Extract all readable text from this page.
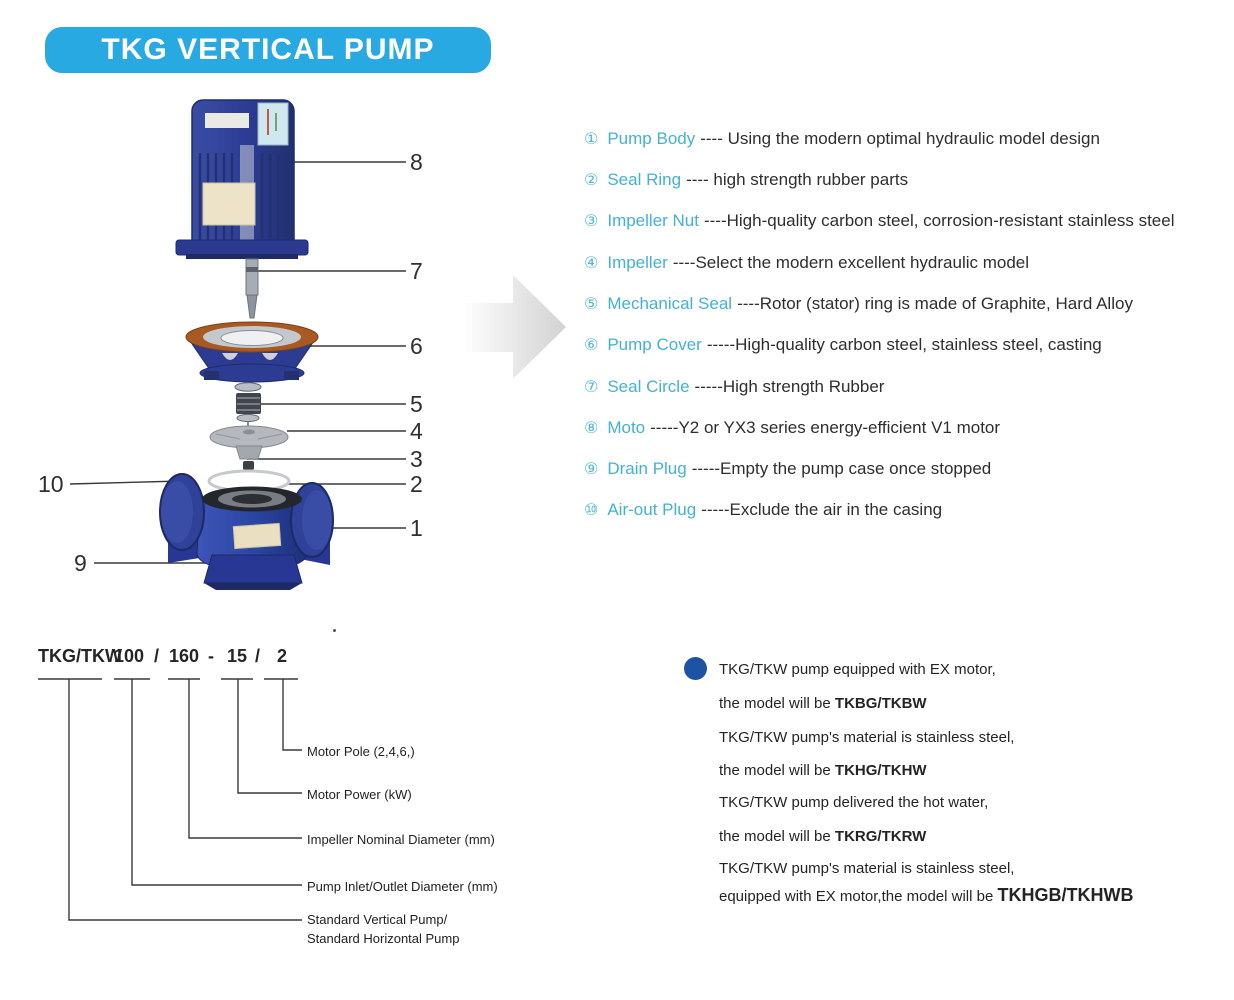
TKG VERTICAL PUMP
8
7
6
5
4
3
2
1
10
9
① Pump Body ---- Using the modern optimal hydraulic model design
② Seal Ring ---- high strength rubber parts
③ Impeller Nut ----High-quality carbon steel, corrosion-resistant stainless steel
④ Impeller ----Select the modern excellent hydraulic model
⑤ Mechanical Seal ----Rotor (stator) ring is made of Graphite, Hard Alloy
⑥ Pump Cover -----High-quality carbon steel, stainless steel, casting
⑦ Seal Circle -----High strength Rubber
⑧ Moto -----Y2 or YX3 series energy-efficient V1 motor
⑨ Drain Plug -----Empty the pump case once stopped
⑩ Air-out Plug -----Exclude the air in the casing
TKG/TKW
100 / 160 - 15 / 2
Motor Pole (2,4,6,)
Motor Power (kW)
Impeller Nominal Diameter (mm)
Pump Inlet/Outlet Diameter (mm)
Standard Vertical Pump/
Standard Horizontal Pump
TKG/TKW pump equipped with EX motor,
the model will be TKBG/TKBW
TKG/TKW pump's material is stainless steel,
the model will be TKHG/TKHW
TKG/TKW pump delivered the hot water,
the model will be TKRG/TKRW
TKG/TKW pump's material is stainless steel,
equipped with EX motor,the model will be TKHGB/TKHWB
